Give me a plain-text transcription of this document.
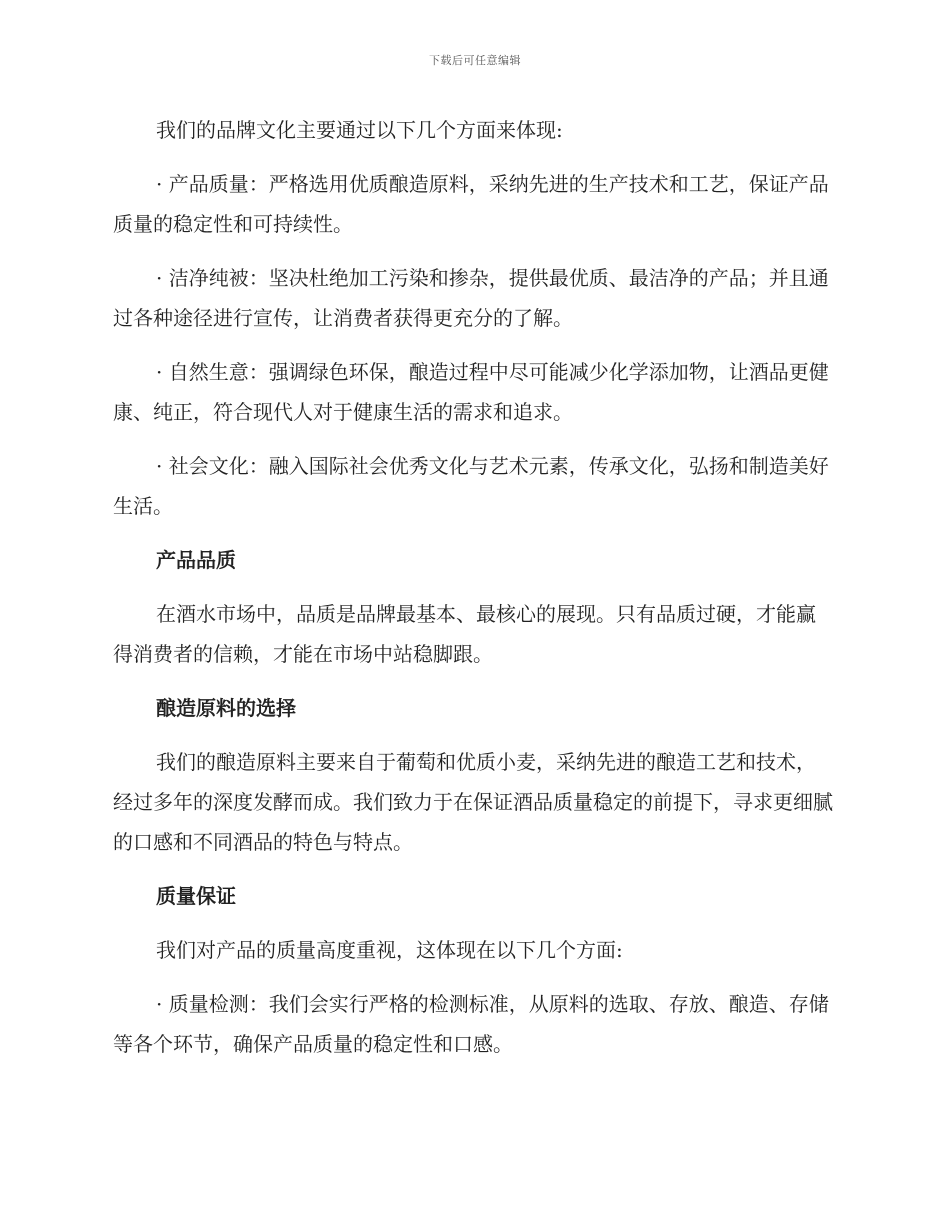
下载后可任意编辑

我们的品牌文化主要通过以下几个方面来体现:

· 产品质量：严格选用优质酿造原料，采纳先进的生产技术和工艺，保证产品质量的稳定性和可持续性。

· 洁净纯被：坚决杜绝加工污染和掺杂，提供最优质、最洁净的产品；并且通过各种途径进行宣传，让消费者获得更充分的了解。

· 自然生意：强调绿色环保，酿造过程中尽可能减少化学添加物，让酒品更健康、纯正，符合现代人对于健康生活的需求和追求。

· 社会文化：融入国际社会优秀文化与艺术元素，传承文化，弘扬和制造美好生活。

产品品质

在酒水市场中，品质是品牌最基本、最核心的展现。只有品质过硬，才能赢得消费者的信赖，才能在市场中站稳脚跟。

酿造原料的选择

我们的酿造原料主要来自于葡萄和优质小麦，采纳先进的酿造工艺和技术，经过多年的深度发酵而成。我们致力于在保证酒品质量稳定的前提下，寻求更细腻的口感和不同酒品的特色与特点。

质量保证

我们对产品的质量高度重视，这体现在以下几个方面:

· 质量检测：我们会实行严格的检测标准，从原料的选取、存放、酿造、存储等各个环节，确保产品质量的稳定性和口感。
